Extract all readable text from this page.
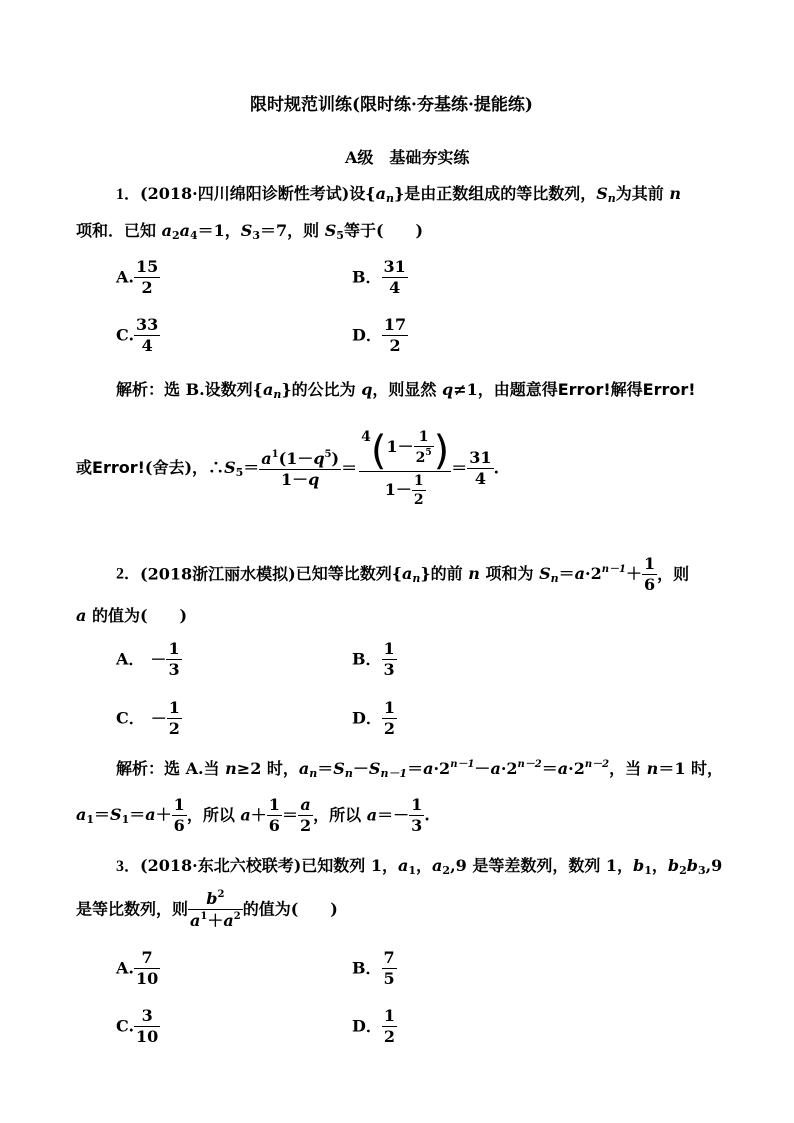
限时规范训练(限时练·夯基练·提能练)
A级　基础夯实练
1．(2018·四川绵阳诊断性考试)设$\{a_n\}$是由正数组成的等比数列，$S_n$为其前 n
项和．已知 $a_2a_4=1$，$S_3=7$，则 $S_5$等于(　　)
A. $\frac{15}{2}$	B． $\frac{31}{4}$
C. $\frac{33}{4}$	D． $\frac{17}{2}$
解析：选 B.设数列$\{a_n\}$的公比为 q，则显然 q≠1，由题意得Error!解得Error!
或Error!(舍去)，$\therefore S_5= \frac{a^1(1-q^5)}{1-q} = \frac{4(1- \frac{1}{2^5} )}{1- \frac{1}{2}} = \frac{31}{4}$ .
2．(2018浙江丽水模拟)已知等比数列$\{a_n\}$的前 n 项和为 $S_n=a\cdot 2^{n-1}+ \frac{1}{6}$ ，则
a 的值为(　　)
A． － $\frac{1}{3}$	B． $\frac{1}{3}$
C． － $\frac{1}{2}$	D． $\frac{1}{2}$
解析：选 A.当 n≥2 时，$a_n=S_n-S_{n-1}=a\cdot 2^{n-1}-a\cdot 2^{n-2}=a\cdot 2^{n-2}$，当 n＝1 时，
$a_1=S_1=a+ \frac{1}{6}$ ，所以 $a+ \frac{1}{6} = \frac{a}{2}$ ，所以 $a=- \frac{1}{3}$ .
3．(2018·东北六校联考)已知数列 1，$a_1$，$a_2,9$ 是等差数列，数列 1，$b_1$，$b_2b_3,9$
是等比数列，则 $\frac{b^2}{a^1+a^2}$ 的值为(　　)
A. $\frac{7}{10}$	B． $\frac{7}{5}$
C. $\frac{3}{10}$	D． $\frac{1}{2}$
